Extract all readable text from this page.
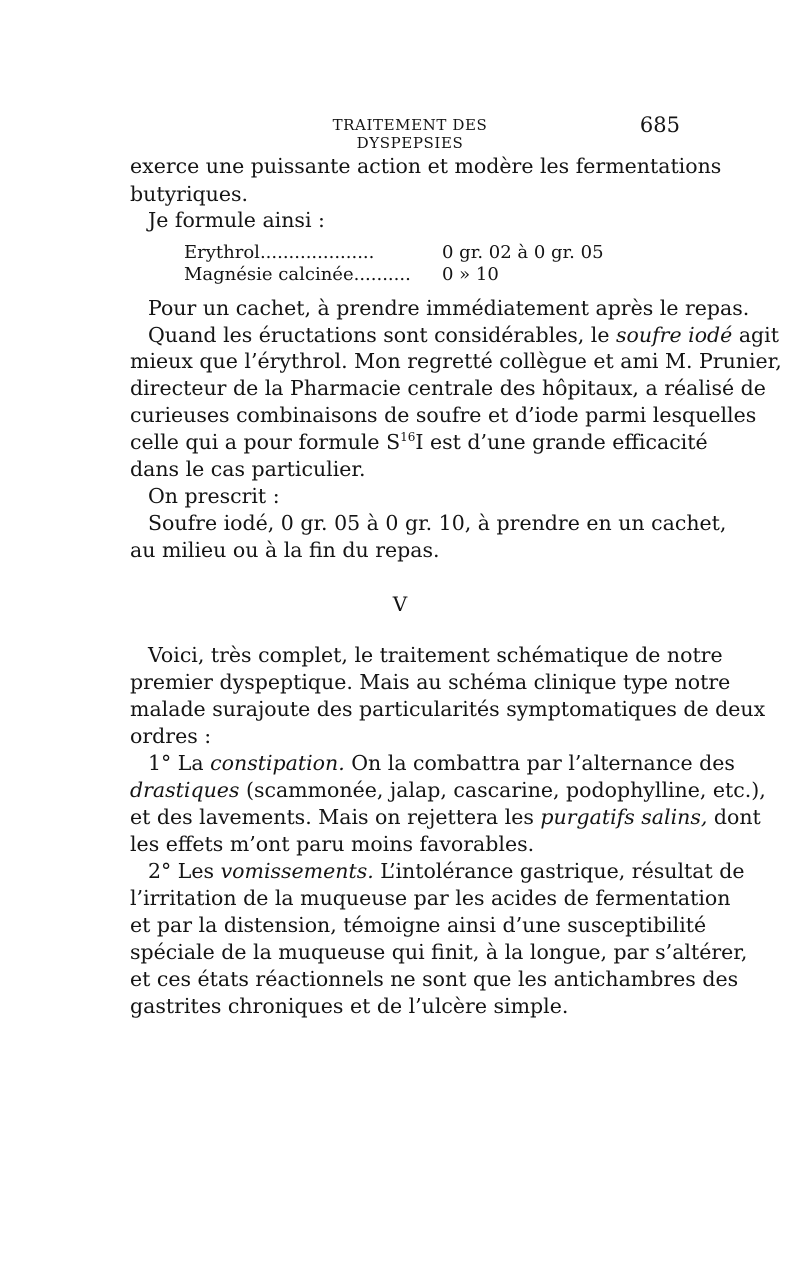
TRAITEMENT DES DYSPEPSIES
685
exerce une puissante action et modère les fermentations
butyriques.
Je formule ainsi :
Erythrol....................	0 gr. 02 à 0 gr. 05
Magnésie calcinée.......... 0 » 10
Pour un cachet, à prendre immédiatement après le repas.
Quand les éructations sont considérables, le soufre iodé agit
mieux que l’érythrol. Mon regretté collègue et ami M. Prunier,
directeur de la Pharmacie centrale des hôpitaux, a réalisé de
curieuses combinaisons de soufre et d’iode parmi lesquelles
celle qui a pour formule $S^{16}I$ est d’une grande efficacité
dans le cas particulier.
On prescrit :
Soufre iodé, 0 gr. 05 à 0 gr. 10, à prendre en un cachet,
au milieu ou à la fin du repas.
V
Voici, très complet, le traitement schématique de notre
premier dyspeptique. Mais au schéma clinique type notre
malade surajoute des particularités symptomatiques de deux
ordres :
1° La constipation. On la combattra par l’alternance des
drastiques (scammonée, jalap, cascarine, podophylline, etc.),
et des lavements. Mais on rejettera les purgatifs salins, dont
les effets m’ont paru moins favorables.
2° Les vomissements. L’intolérance gastrique, résultat de
l’irritation de la muqueuse par les acides de fermentation
et par la distension, témoigne ainsi d’une susceptibilité
spéciale de la muqueuse qui finit, à la longue, par s’altérer,
et ces états réactionnels ne sont que les antichambres des
gastrites chroniques et de l’ulcère simple.
